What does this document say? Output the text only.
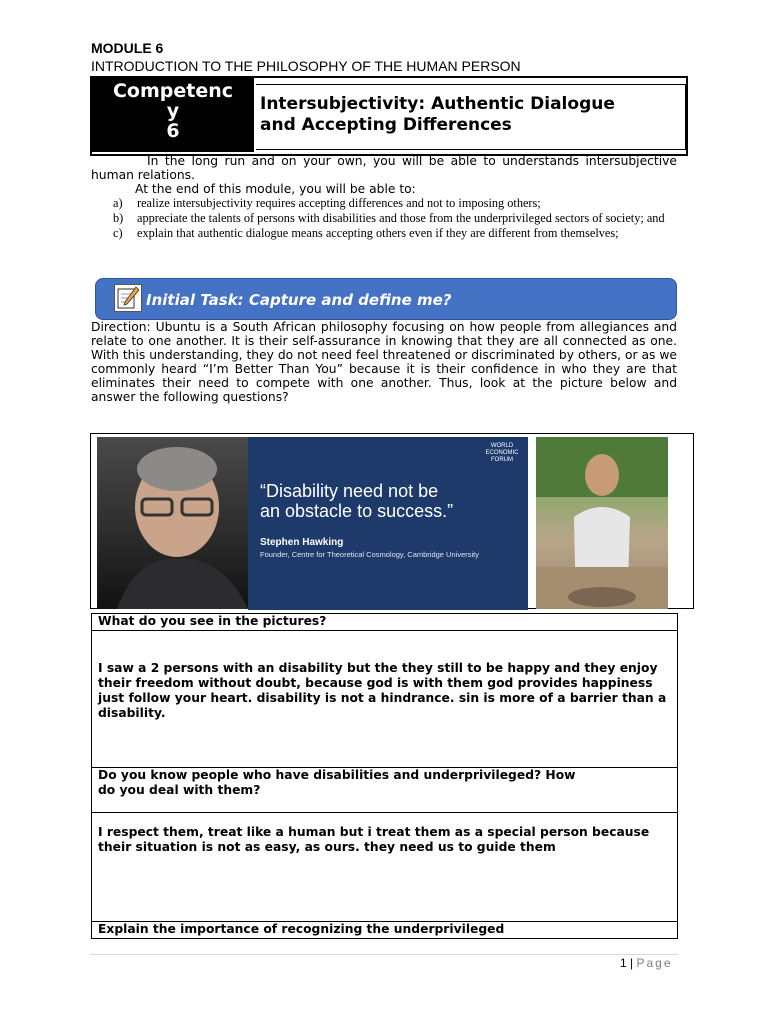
MODULE 6
INTRODUCTION TO THE PHILOSOPHY OF THE HUMAN PERSON
Competenc
y
6
Intersubjectivity: Authentic Dialogue
and Accepting Differences
In the long run and on your own, you will be able to understands intersubjective human relations.
At the end of this module, you will be able to:
a)	realize intersubjectivity requires accepting differences and not to imposing others;
b)	appreciate the talents of persons with disabilities and those from the underprivileged sectors of society; and
c)	explain that authentic dialogue means accepting others even if they are different from themselves;
Initial Task: Capture and define me?
Direction: Ubuntu is a South African philosophy focusing on how people from allegiances and relate to one another. It is their self-assurance in knowing that they are all connected as one. With this understanding, they do not need feel threatened or discriminated by others, or as we commonly heard “I’m Better Than You” because it is their confidence in who they are that eliminates their need to compete with one another. Thus, look at the picture below and answer the following questions?
WORLD
ECONOMIC
FORUM
“Disability need not be
an obstacle to success.”
Stephen Hawking
Founder, Centre for Theoretical Cosmology, Cambridge University
What do you see in the pictures?

I saw a 2 persons with an disability but the they still to be happy and they enjoy their freedom without doubt, because god is with them god provides happiness just follow your heart. disability is not a hindrance. sin is more of a barrier than a disability.

Do you know people who have disabilities and underprivileged? How
do you deal with them?

I respect them, treat like a human but i treat them as a special person because their situation is not as easy, as ours. they need us to guide them

Explain the importance of recognizing the underprivileged
1 | Page
